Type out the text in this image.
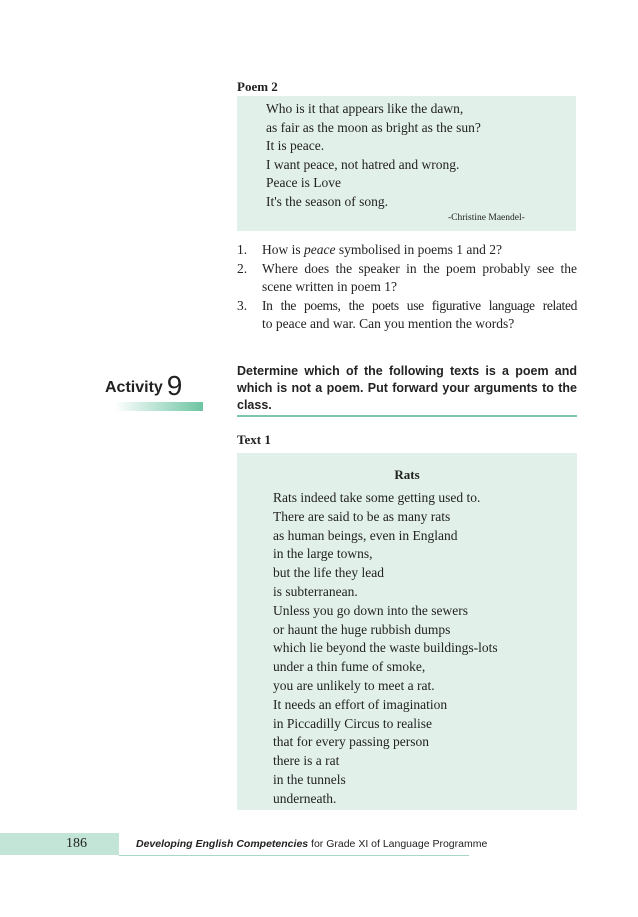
Poem 2
Who is it that appears like the dawn,
as fair as the moon as bright as the sun?
It is peace.
I want peace, not hatred and wrong.
Peace is Love
It's the season of song.
-Christine Maendel-
1.	How is peace symbolised in poems 1 and 2?
2.	Where does the speaker in the poem probably see the
scene written in poem 1?
3.	In the poems, the poets use figurative language related
to peace and war. Can you mention the words?
Activity 9	Determine which of the following texts is a poem and which is not a poem. Put forward your arguments to the class.
Text 1
Rats
Rats indeed take some getting used to.
There are said to be as many rats
as human beings, even in England
in the large towns,
but the life they lead
is subterranean.
Unless you go down into the sewers
or haunt the huge rubbish dumps
which lie beyond the waste buildings-lots
under a thin fume of smoke,
you are unlikely to meet a rat.
It needs an effort of imagination
in Piccadilly Circus to realise
that for every passing person
there is a rat
in the tunnels
underneath.
186	Developing English Competencies for Grade XI of Language Programme
